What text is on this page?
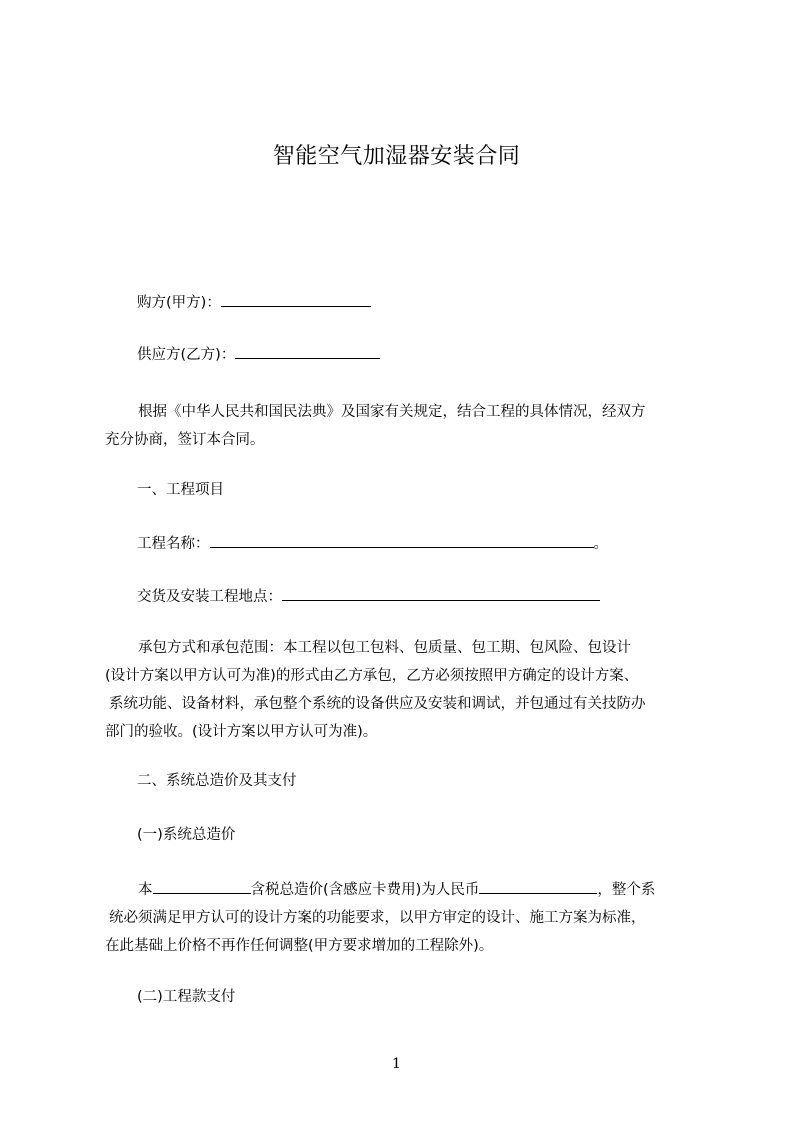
智能空气加湿器安装合同
购方(甲方)：
供应方(乙方)：
根据《中华人民共和国民法典》及国家有关规定，结合工程的具体情况，经双方
充分协商，签订本合同。
一、工程项目
工程名称：	。
交货及安装工程地点：
承包方式和承包范围：本工程以包工包料、包质量、包工期、包风险、包设计
(设计方案以甲方认可为准)的形式由乙方承包，乙方必须按照甲方确定的设计方案、
系统功能、设备材料，承包整个系统的设备供应及安装和调试，并包通过有关技防办
部门的验收。(设计方案以甲方认可为准)。
二、系统总造价及其支付
(一)系统总造价
本	含税总造价(含感应卡费用)为人民币	，整个系
统必须满足甲方认可的设计方案的功能要求，以甲方审定的设计、施工方案为标准，
在此基础上价格不再作任何调整(甲方要求增加的工程除外)。
(二)工程款支付
1
